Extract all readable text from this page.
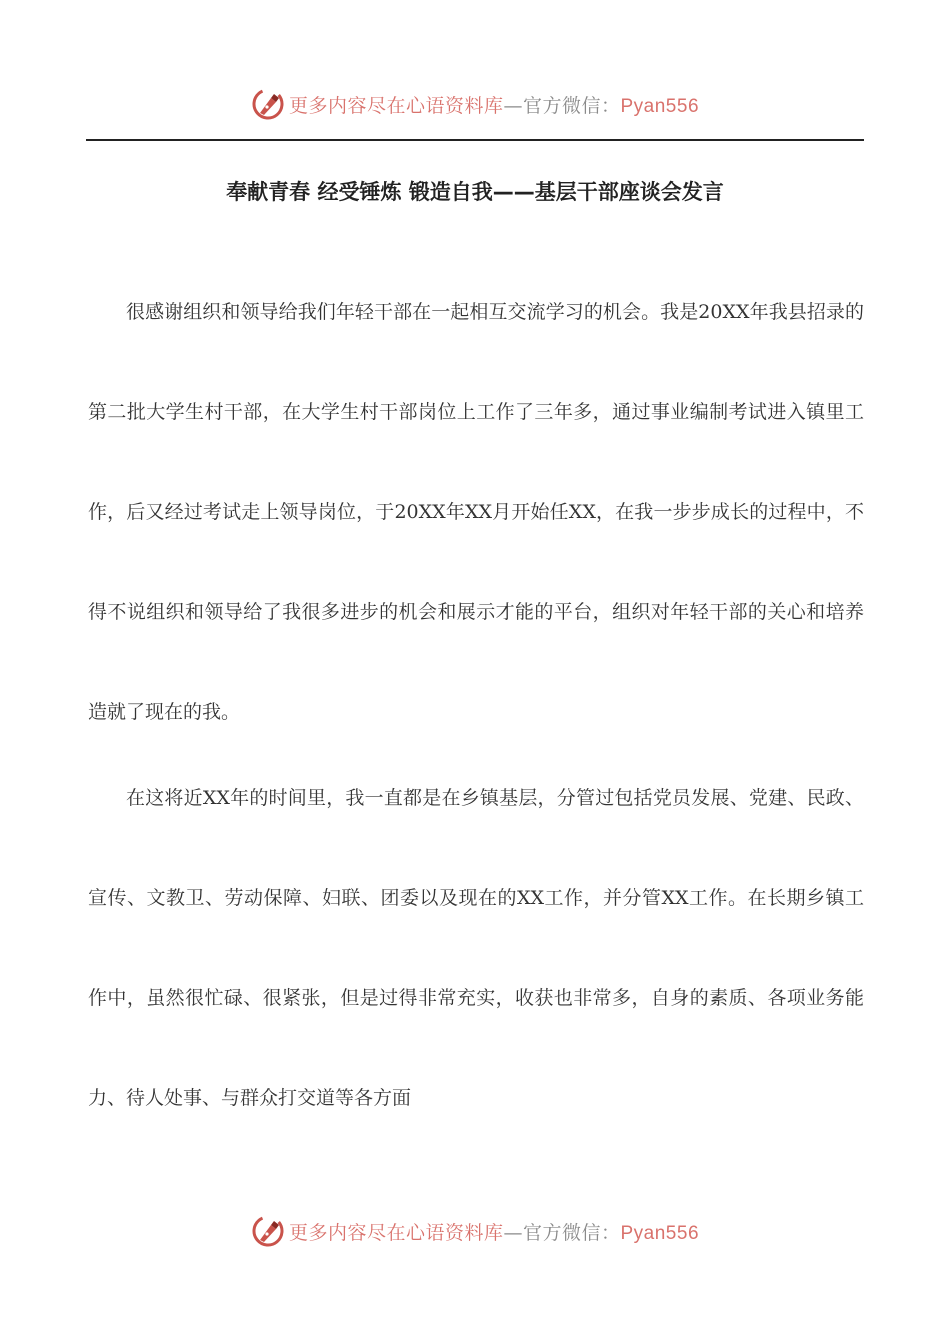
更多内容尽在心语资料库—官方微信：Pyan556
奉献青春 经受锤炼 锻造自我——基层干部座谈会发言

很感谢组织和领导给我们年轻干部在一起相互交流学习的机会。我是20XX年我县招录的第二批大学生村干部，在大学生村干部岗位上工作了三年多，通过事业编制考试进入镇里工作，后又经过考试走上领导岗位，于20XX年XX月开始任XX，在我一步步成长的过程中，不得不说组织和领导给了我很多进步的机会和展示才能的平台，组织对年轻干部的关心和培养造就了现在的我。

在这将近XX年的时间里，我一直都是在乡镇基层，分管过包括党员发展、党建、民政、宣传、文教卫、劳动保障、妇联、团委以及现在的XX工作，并分管XX工作。在长期乡镇工作中，虽然很忙碌、很紧张，但是过得非常充实，收获也非常多，自身的素质、各项业务能力、待人处事、与群众打交道等各方面

更多内容尽在心语资料库—官方微信：Pyan556
